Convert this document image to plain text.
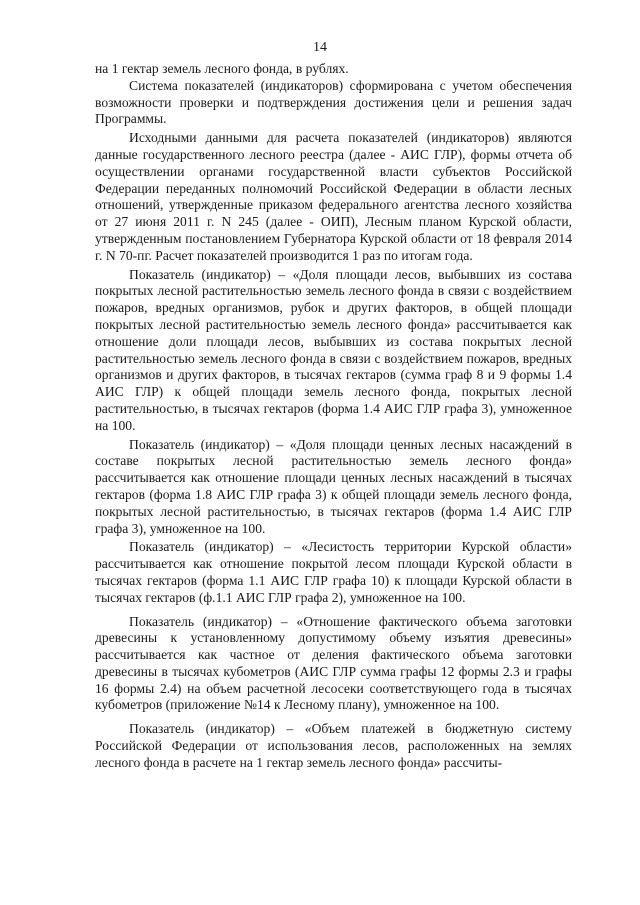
14

на 1 гектар земель лесного фонда, в рублях.

Система показателей (индикаторов) сформирована с учетом обеспечения возможности проверки и подтверждения достижения цели и решения задач Программы.

Исходными данными для расчета показателей (индикаторов) являются данные государственного лесного реестра (далее - АИС ГЛР), формы отчета об осуществлении органами государственной власти субъектов Российской Федерации переданных полномочий Российской Федерации в области лесных отношений, утвержденные приказом федерального агентства лесного хозяйства от 27 июня 2011 г. N 245 (далее - ОИП), Лесным планом Курской области, утвержденным постановлением Губернатора Курской области от 18 февраля 2014 г. N 70-пг. Расчет показателей производится 1 раз по итогам года.

Показатель (индикатор) – «Доля площади лесов, выбывших из состава покрытых лесной растительностью земель лесного фонда в связи с воздействием пожаров, вредных организмов, рубок и других факторов, в общей площади покрытых лесной растительностью земель лесного фонда» рассчитывается как отношение доли площади лесов, выбывших из состава покрытых лесной растительностью земель лесного фонда в связи с воздействием пожаров, вредных организмов и других факторов, в тысячах гектаров (сумма граф 8 и 9 формы 1.4 АИС ГЛР) к общей площади земель лесного фонда, покрытых лесной растительностью, в тысячах гектаров (форма 1.4 АИС ГЛР графа 3), умноженное на 100.

Показатель (индикатор) – «Доля площади ценных лесных насаждений в составе покрытых лесной растительностью земель лесного фонда» рассчитывается как отношение площади ценных лесных насаждений в тысячах гектаров (форма 1.8 АИС ГЛР графа 3) к общей площади земель лесного фонда, покрытых лесной растительностью, в тысячах гектаров (форма 1.4 АИС ГЛР графа 3), умноженное на 100.

Показатель (индикатор) – «Лесистость территории Курской области» рассчитывается как отношение покрытой лесом площади Курской области в тысячах гектаров (форма 1.1 АИС ГЛР графа 10) к площади Курской области в тысячах гектаров (ф.1.1 АИС ГЛР графа 2), умноженное на 100.

Показатель (индикатор) – «Отношение фактического объема заготовки древесины к установленному допустимому объему изъятия древесины» рассчитывается как частное от деления фактического объема заготовки древесины в тысячах кубометров (АИС ГЛР сумма графы 12 формы 2.3 и графы 16 формы 2.4) на объем расчетной лесосеки соответствующего года в тысячах кубометров (приложение №14 к Лесному плану), умноженное на 100.

Показатель (индикатор) – «Объем платежей в бюджетную систему Российской Федерации от использования лесов, расположенных на землях лесного фонда в расчете на 1 гектар земель лесного фонда» рассчиты-
